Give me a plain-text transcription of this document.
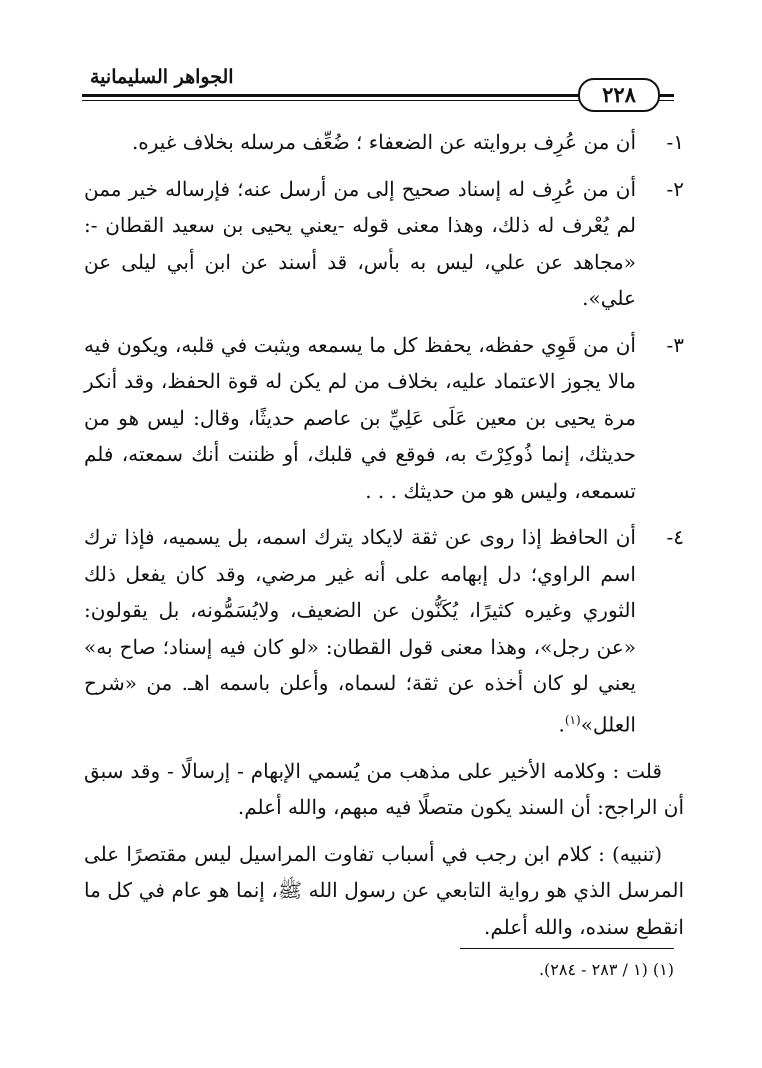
الجواهر السليمانية
٢٢٨
١-
أن من عُرِف بروايته عن الضعفاء ؛ ضُعِّف مرسله بخلاف غيره.
٢-
أن من عُرِف له إسناد صحيح إلى من أرسل عنه؛ فإرساله خير ممن لم يُعْرف له ذلك، وهذا معنى قوله -يعني يحيى بن سعيد القطان -: «مجاهد عن علي، ليس به بأس، قد أسند عن ابن أبي ليلى عن علي».
٣-
أن من قَوِي حفظه، يحفظ كل ما يسمعه ويثبت في قلبه، ويكون فيه مالا يجوز الاعتماد عليه، بخلاف من لم يكن له قوة الحفظ، وقد أنكر مرة يحيى بن معين عَلَى عَلِيِّ بن عاصم حديثًا، وقال: ليس هو من حديثك، إنما ذُوكِرْتَ به، فوقع في قلبك، أو ظننت أنك سمعته، فلم تسمعه، وليس هو من حديثك . . .
٤-
أن الحافظ إذا روى عن ثقة لايكاد يترك اسمه، بل يسميه، فإذا ترك اسم الراوي؛ دل إبهامه على أنه غير مرضي، وقد كان يفعل ذلك الثوري وغيره كثيرًا، يُكَنُّون عن الضعيف، ولايُسَمُّونه، بل يقولون: «عن رجل»، وهذا معنى قول القطان: «لو كان فيه إسناد؛ صاح به» يعني لو كان أخذه عن ثقة؛ لسماه، وأعلن باسمه اهـ. من «شرح العلل»$^{(١)}$.
قلت : وكلامه الأخير على مذهب من يُسمي الإبهام - إرسالًا - وقد سبق أن الراجح: أن السند يكون متصلًا فيه مبهم، والله أعلم.
(تنبيه) : كلام ابن رجب في أسباب تفاوت المراسيل ليس مقتصرًا على المرسل الذي هو رواية التابعي عن رسول الله ﷺ، إنما هو عام في كل ما انقطع سنده، والله أعلم.
(١) (١ / ٢٨٣ - ٢٨٤).
